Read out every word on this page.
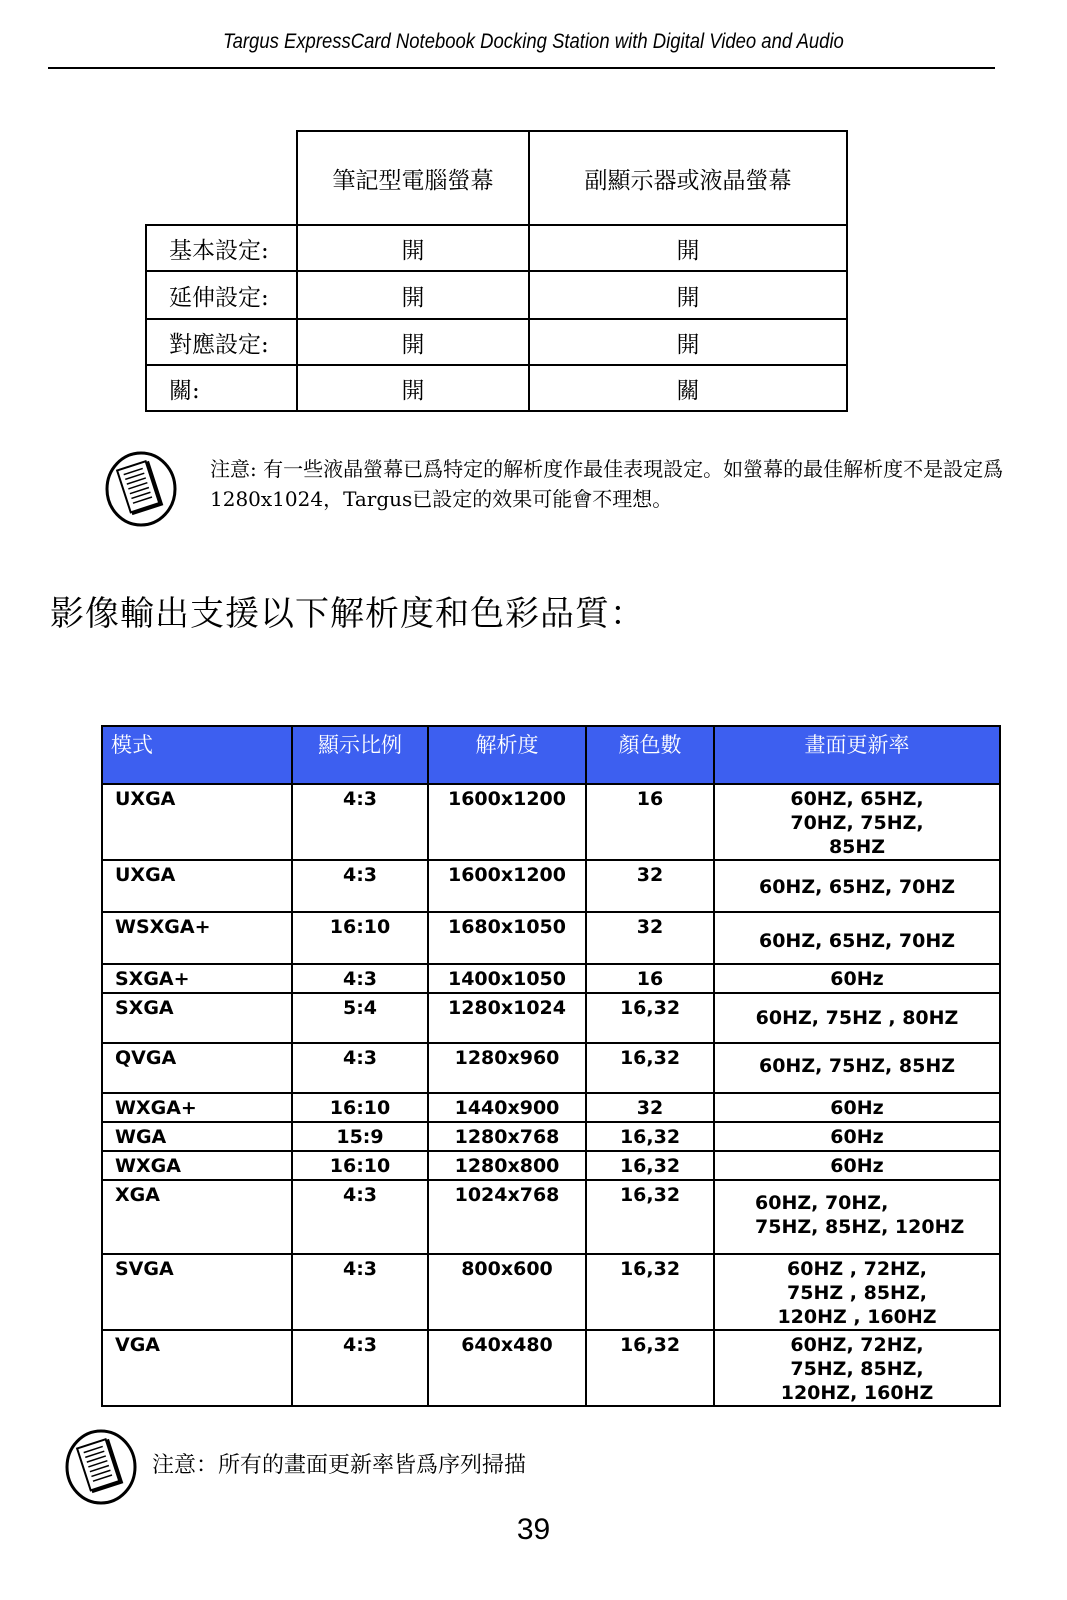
Targus ExpressCard Notebook Docking Station with Digital Video and Audio
	筆記型電腦螢幕	副顯示器或液晶螢幕
基本設定:	開	開
延伸設定:	開	開
對應設定:	開	開
關:	開	關
注意: 有一些液晶螢幕已爲特定的解析度作最佳表現設定。如螢幕的最佳解析度不是設定爲1280x1024，Targus已設定的效果可能會不理想。
影像輸出支援以下解析度和色彩品質：
模式	顯示比例	解析度	顏色數	畫面更新率
UXGA	4:3	1600x1200	16	60HZ, 65HZ,
70HZ, 75HZ,
85HZ

UXGA	4:3	1600x1200	32	60HZ, 65HZ, 70HZ

WSXGA+	16:10	1680x1050	32	60HZ, 65HZ, 70HZ

SXGA+	4:3	1400x1050	16	60Hz

SXGA	5:4	1280x1024	16,32	60HZ, 75HZ , 80HZ

QVGA	4:3	1280x960	16,32	60HZ, 75HZ, 85HZ

WXGA+	16:10	1440x900	32	60Hz

WGA	15:9	1280x768	16,32	60Hz

WXGA	16:10	1280x800	16,32	60Hz

XGA	4:3	1024x768	16,32	60HZ, 70HZ,
75HZ, 85HZ, 120HZ

SVGA	4:3	800x600	16,32	60HZ , 72HZ,
75HZ , 85HZ,
120HZ , 160HZ

VGA	4:3	640x480	16,32	60HZ, 72HZ,
75HZ, 85HZ,
120HZ, 160HZ
注意：所有的畫面更新率皆爲序列掃描
39
